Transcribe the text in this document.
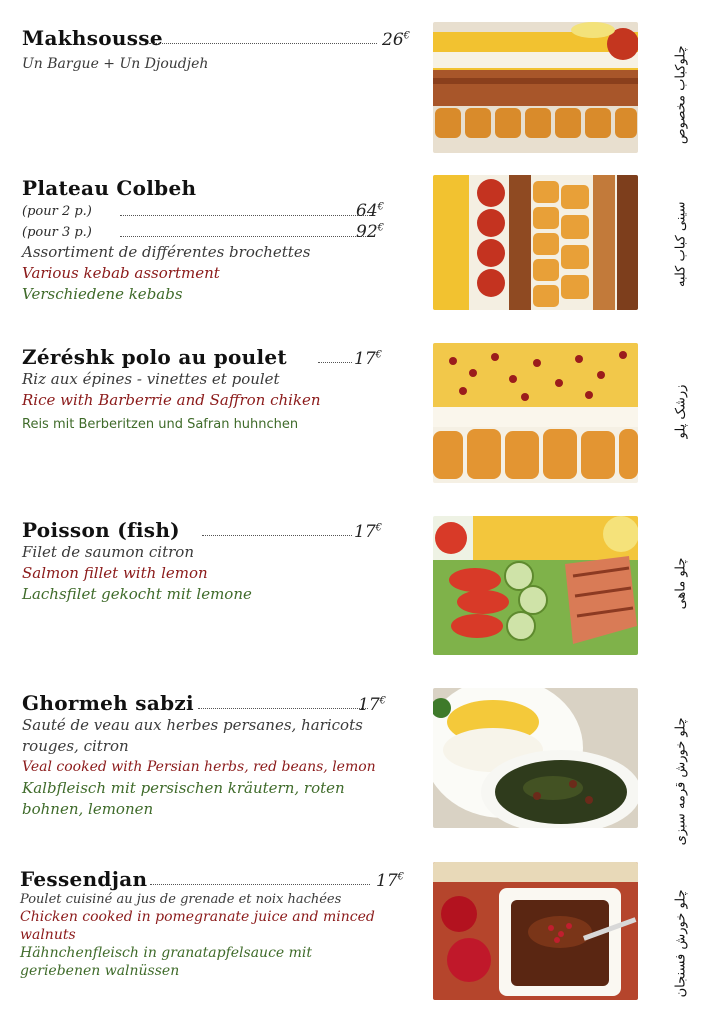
Makhsousse	26€
Un Bargue + Un Djoudjeh	چلوکباب مخصوص
Plateau Colbeh
(pour 2 p.)	64€
(pour 3 p.)	92€
Assortiment de différentes brochettes
Various kebab assortment
Verschiedene kebabs
سینی کباب کلبه
Zéréshk polo au poulet	17€
Riz aux épines - vinettes et poulet
Rice with Barberrie and Saffron chiken
Reis mit Berberitzen und Safran huhnchen	زرشک پلو
Poisson (fish)	17€
Filet de saumon citron
Salmon fillet with lemon
Lachsfilet gekocht mit lemone	چلو ماهی
Ghormeh sabzi	17€
Sauté de veau aux herbes persanes, haricots
rouges, citron
Veal cooked with Persian herbs, red beans, lemon
Kalbfleisch mit persischen kräutern, roten
bohnen, lemonen	چلو خورش قرمه سبزی
Fessendjan	17€
Poulet cuisiné au jus de grenade et noix hachées
Chicken cooked in pomegranate juice and minced
walnuts
Hähnchenfleisch in granatapfelsauce mit
geriebenen walnüssen	چلو خورش فسنجان
